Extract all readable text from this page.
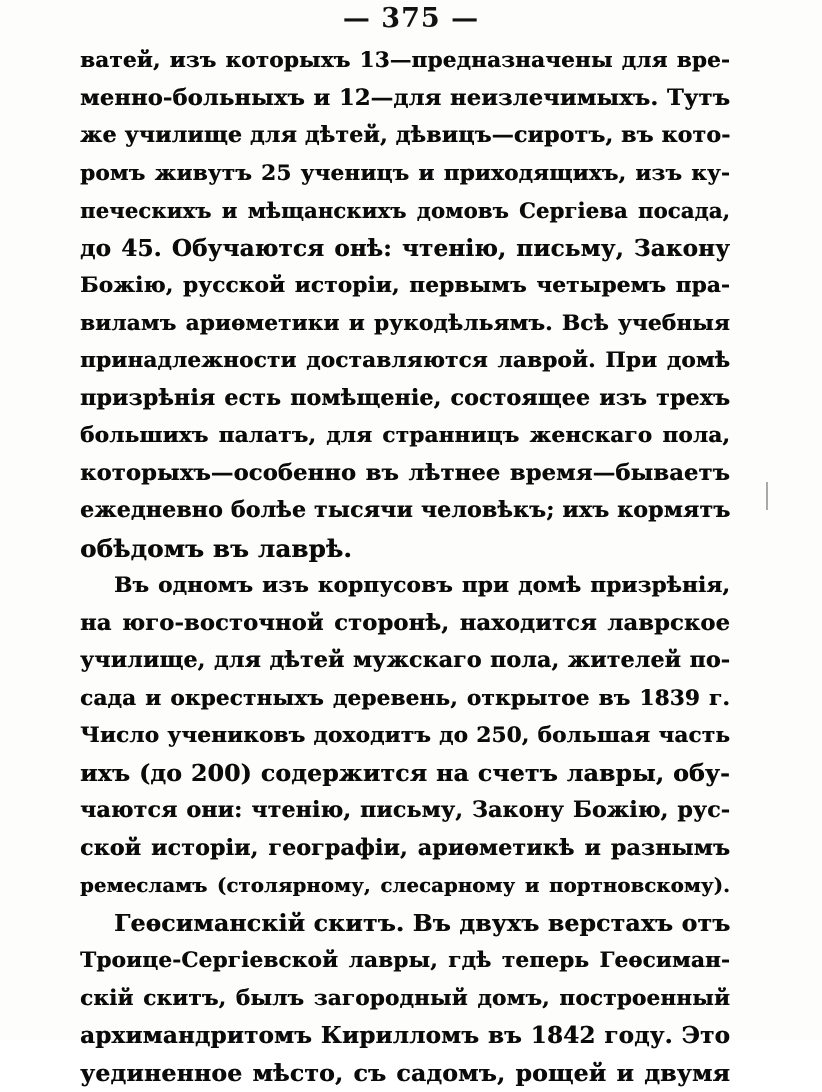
— 375 —
ватей, изъ которыхъ 13—предназначены для вре-
менно-больныхъ и 12—для неизлечимыхъ. Тутъ
же училище для дѣтей, дѣвицъ—сиротъ, въ кото-
ромъ живутъ 25 ученицъ и приходящихъ, изъ ку-
печескихъ и мѣщанскихъ домовъ Сергіева посада,
до 45. Обучаются онѣ: чтенію, письму, Закону
Божію, русской исторіи, первымъ четыремъ пра-
виламъ ариѳметики и рукодѣльямъ. Всѣ учебныя
принадлежности доставляются лаврой. При домѣ
призрѣнія есть помѣщеніе, состоящее изъ трехъ
большихъ палатъ, для странницъ женскаго пола,
которыхъ—особенно въ лѣтнее время—бываетъ
ежедневно болѣе тысячи человѣкъ; ихъ кормятъ
обѣдомъ въ лаврѣ.
Въ одномъ изъ корпусовъ при домѣ призрѣнія,
на юго-восточной сторонѣ, находится лаврское
училище, для дѣтей мужскаго пола, жителей по-
сада и окрестныхъ деревень, открытое въ 1839 г.
Число учениковъ доходитъ до 250, большая часть
ихъ (до 200) содержится на счетъ лавры, обу-
чаются они: чтенію, письму, Закону Божію, рус-
ской исторіи, географіи, ариѳметикѣ и разнымъ
ремесламъ (столярному, слесарному и портновскому).
Геѳсиманскій скитъ. Въ двухъ верстахъ отъ
Троице-Сергіевской лавры, гдѣ теперь Геѳсиман-
скій скитъ, былъ загородный домъ, построенный
архимандритомъ Кирилломъ въ 1842 году. Это
уединенное мѣсто, съ садомъ, рощей и двумя
